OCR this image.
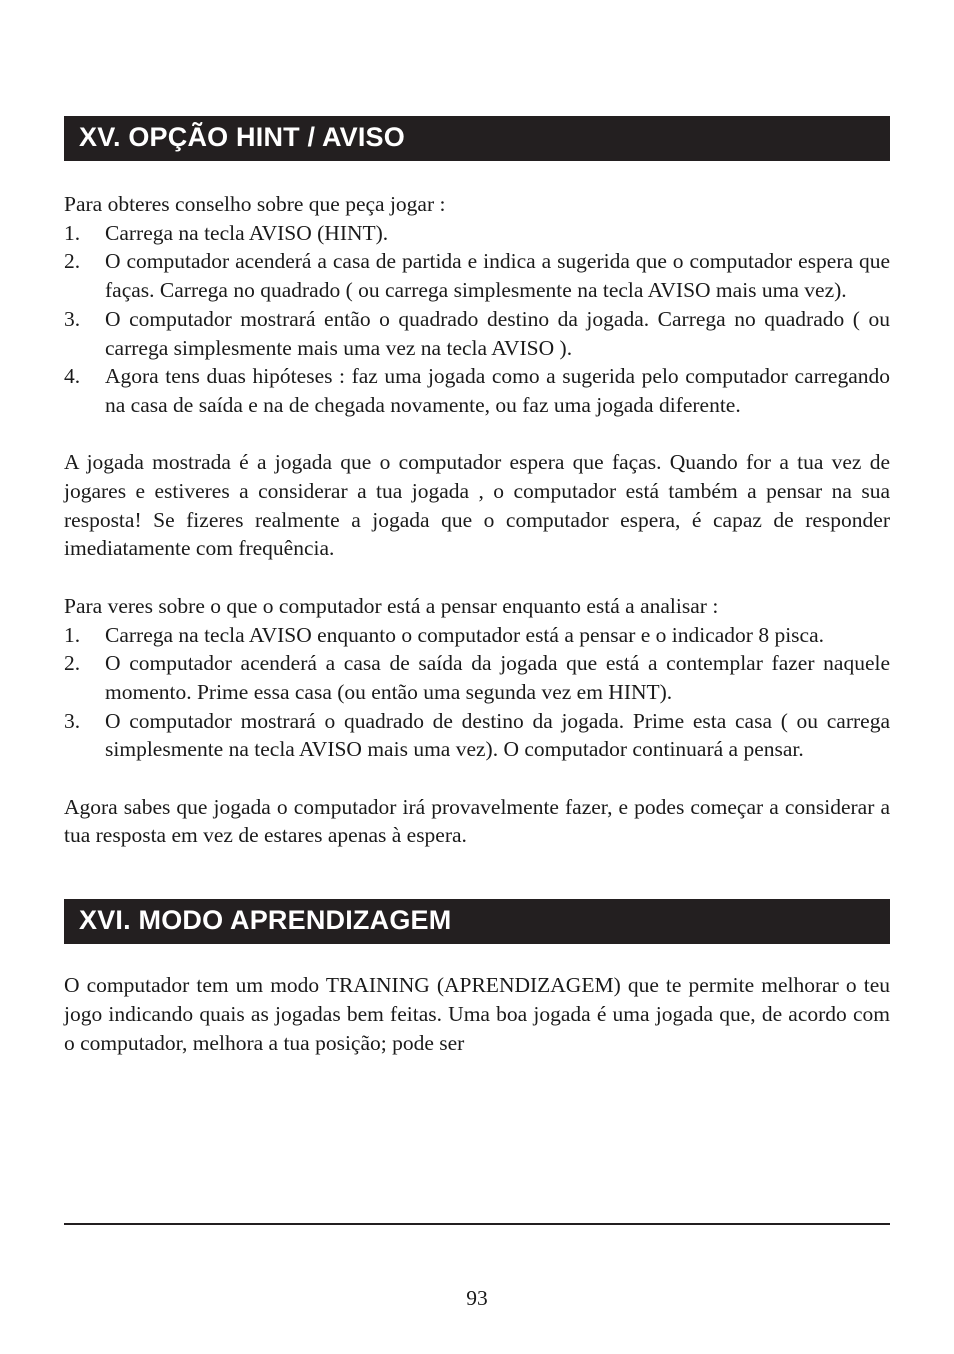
XV. OPÇÃO HINT / AVISO

Para obteres conselho sobre que peça jogar :

1. Carrega na tecla AVISO (HINT).
2. O computador acenderá a casa de partida e indica a sugerida que o computador espera que faças. Carrega no quadrado ( ou carrega simplesmente na tecla AVISO mais uma vez).
3. O computador mostrará então o quadrado destino da jogada. Carrega no quadrado ( ou carrega simplesmente mais uma vez na tecla AVISO ).
4. Agora tens duas hipóteses : faz uma jogada como a sugerida pelo computador carregando na casa de saída e na de chegada novamente, ou faz uma jogada diferente.

A jogada mostrada é a jogada que o computador espera que faças. Quando for a tua vez de jogares e estiveres a considerar a tua jogada , o computador está também a pensar na sua resposta! Se fizeres realmente a jogada que o computador espera, é capaz de responder imediatamente com frequência.

Para veres sobre o que o computador está a pensar enquanto está a analisar :

1. Carrega na tecla AVISO enquanto o computador está a pensar e o indicador 8 pisca.
2. O computador acenderá a casa de saída da jogada que está a contemplar fazer naquele momento. Prime essa casa (ou então uma segunda vez em HINT).
3. O computador mostrará o quadrado de destino da jogada. Prime esta casa ( ou carrega simplesmente na tecla AVISO mais uma vez). O computador continuará a pensar.

Agora sabes que jogada o computador irá provavelmente fazer, e podes começar a considerar a tua resposta em vez de estares apenas à espera.

XVI. MODO APRENDIZAGEM

O computador tem um modo TRAINING (APRENDIZAGEM) que te permite melhorar o teu jogo indicando quais as jogadas bem feitas. Uma boa jogada é uma jogada que, de acordo com o computador, melhora a tua posição; pode ser

93
